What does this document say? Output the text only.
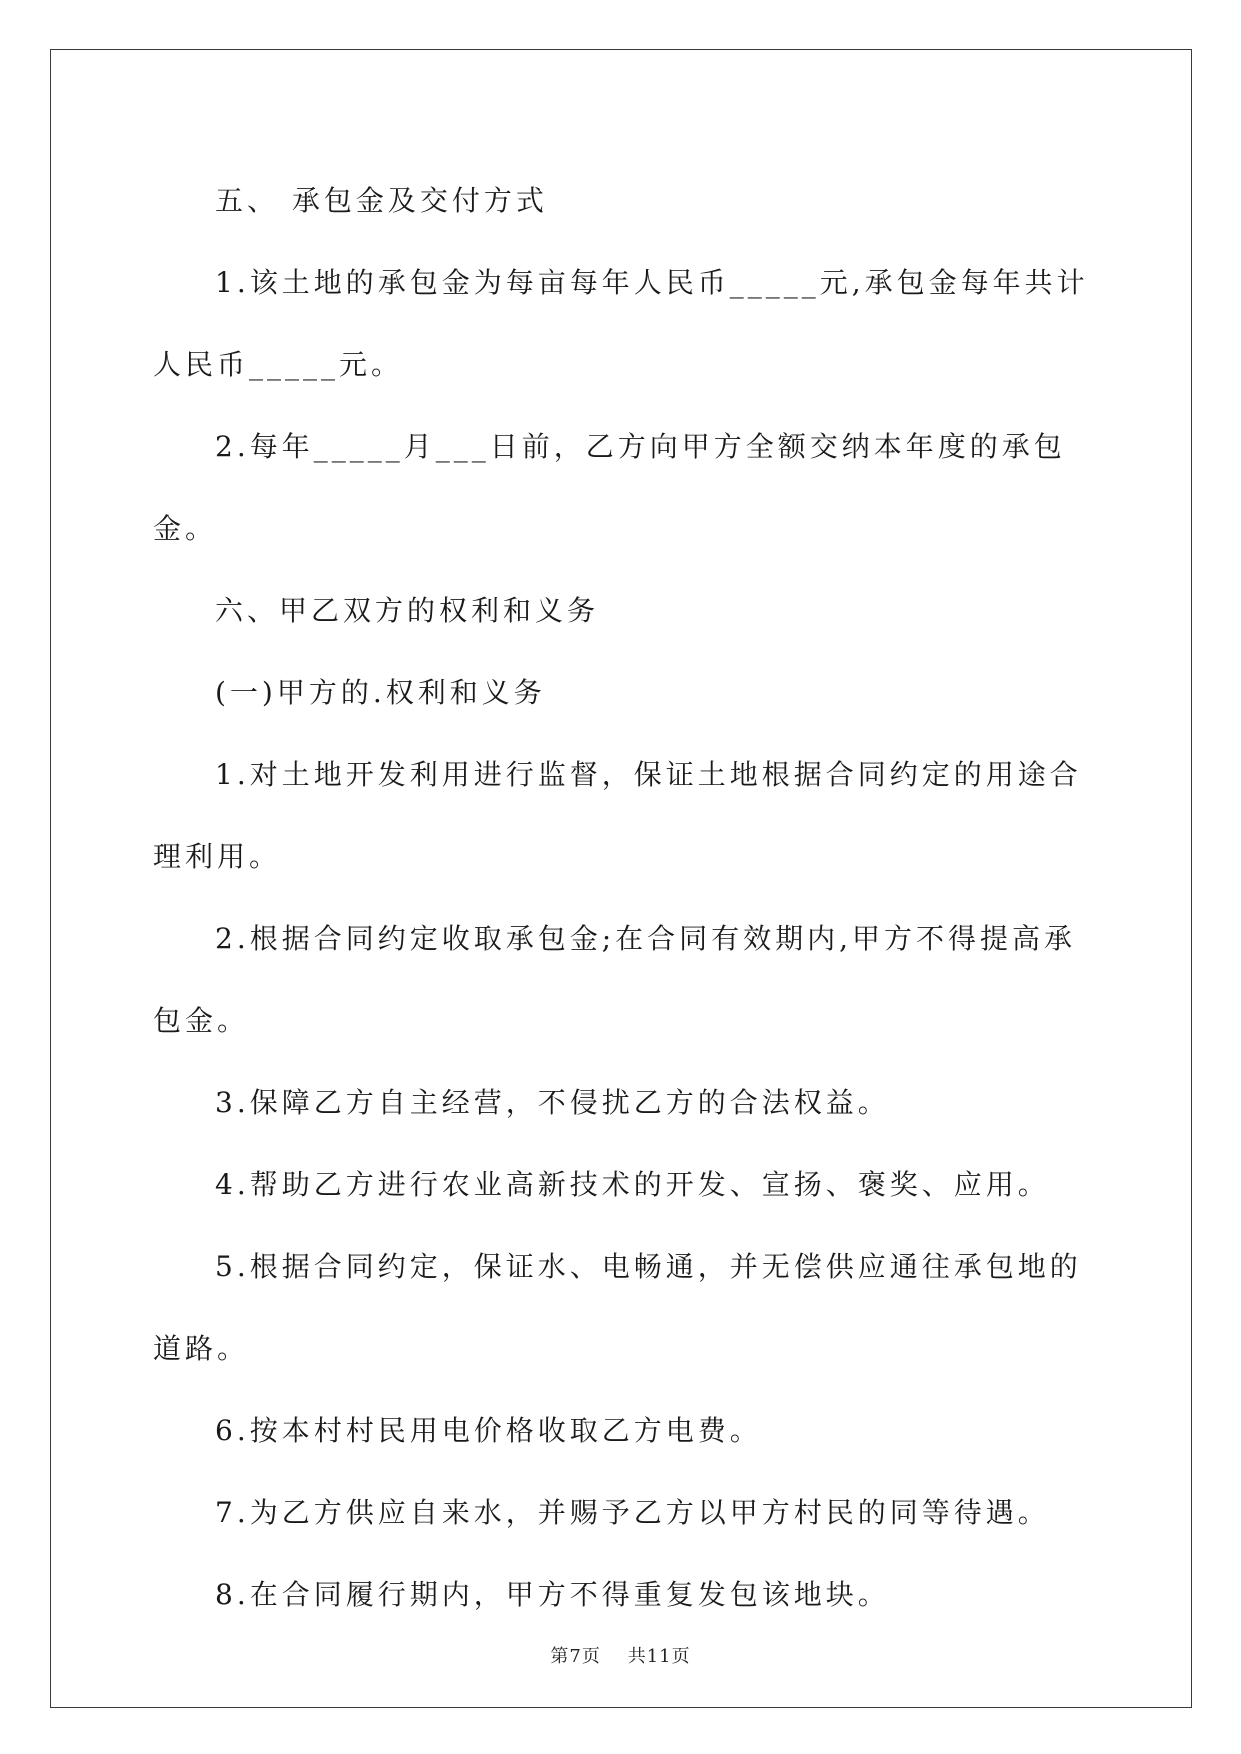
五、 承包金及交付方式

1.该土地的承包金为每亩每年人民币_____元,承包金每年共计人民币_____元。

2.每年_____月___日前，乙方向甲方全额交纳本年度的承包金。

六、甲乙双方的权利和义务

(一)甲方的.权利和义务

1.对土地开发利用进行监督，保证土地根据合同约定的用途合理利用。

2.根据合同约定收取承包金;在合同有效期内,甲方不得提高承包金。

3.保障乙方自主经营，不侵扰乙方的合法权益。

4.帮助乙方进行农业高新技术的开发、宣扬、褒奖、应用。

5.根据合同约定，保证水、电畅通，并无偿供应通往承包地的道路。

6.按本村村民用电价格收取乙方电费。

7.为乙方供应自来水，并赐予乙方以甲方村民的同等待遇。

8.在合同履行期内，甲方不得重复发包该地块。

第7页 共11页
